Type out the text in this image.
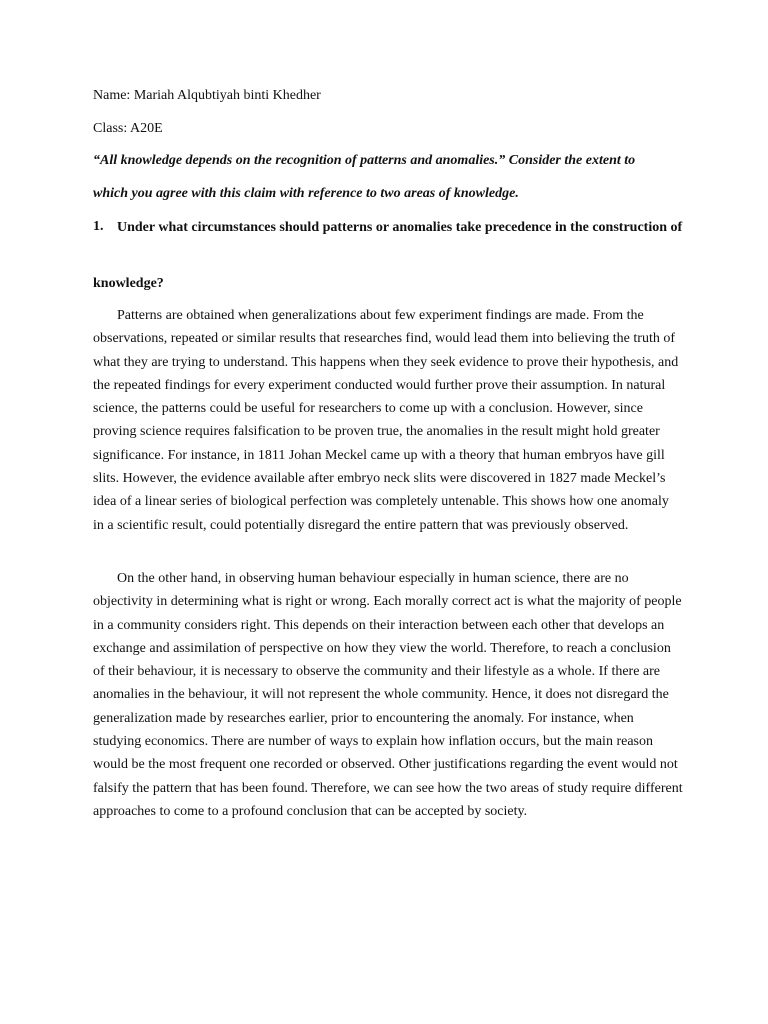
Name: Mariah Alqubtiyah binti Khedher
Class: A20E
“All knowledge depends on the recognition of patterns and anomalies.” Consider the extent to
which you agree with this claim with reference to two areas of knowledge.
1. Under what circumstances should patterns or anomalies take precedence in the construction of
knowledge?

Patterns are obtained when generalizations about few experiment findings are made. From the observations, repeated or similar results that researches find, would lead them into believing the truth of what they are trying to understand. This happens when they seek evidence to prove their hypothesis, and the repeated findings for every experiment conducted would further prove their assumption. In natural science, the patterns could be useful for researchers to come up with a conclusion. However, since proving science requires falsification to be proven true, the anomalies in the result might hold greater significance. For instance, in 1811 Johan Meckel came up with a theory that human embryos have gill slits. However, the evidence available after embryo neck slits were discovered in 1827 made Meckel’s idea of a linear series of biological perfection was completely untenable. This shows how one anomaly in a scientific result, could potentially disregard the entire pattern that was previously observed.

On the other hand, in observing human behaviour especially in human science, there are no objectivity in determining what is right or wrong. Each morally correct act is what the majority of people in a community considers right. This depends on their interaction between each other that develops an exchange and assimilation of perspective on how they view the world. Therefore, to reach a conclusion of their behaviour, it is necessary to observe the community and their lifestyle as a whole. If there are anomalies in the behaviour, it will not represent the whole community. Hence, it does not disregard the generalization made by researches earlier, prior to encountering the anomaly. For instance, when studying economics. There are number of ways to explain how inflation occurs, but the main reason would be the most frequent one recorded or observed. Other justifications regarding the event would not falsify the pattern that has been found. Therefore, we can see how the two areas of study require different approaches to come to a profound conclusion that can be accepted by society.
